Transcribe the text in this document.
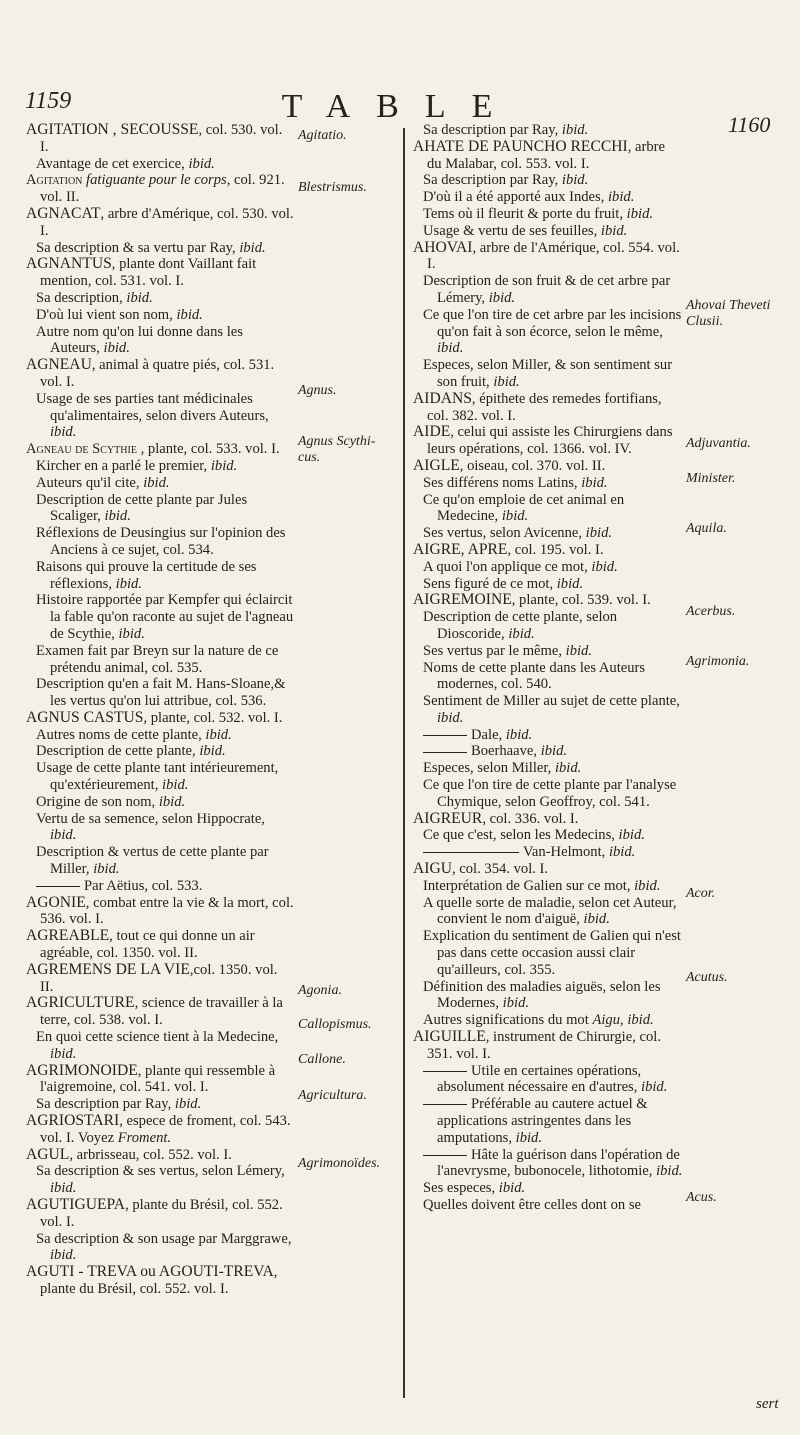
1159	TABLE	1160
AGITATION , SECOUSSE, col. 530. vol. I.
Avantage de cet exercice, ibid.
Agitation fatiguante pour le corps, col. 921. vol. II.
AGNACAT, arbre d'Amérique, col. 530. vol. I.
Sa description & sa vertu par Ray, ibid.
AGNANTUS, plante dont Vaillant fait mention, col. 531. vol. I.
Sa description, ibid.
D'où lui vient son nom, ibid.
Autre nom qu'on lui donne dans les Auteurs, ibid.
AGNEAU, animal à quatre piés, col. 531. vol. I.
Usage de ses parties tant médicinales qu'alimentaires, selon divers Auteurs, ibid.
Agneau de Scythie , plante, col. 533. vol. I.
Kircher en a parlé le premier, ibid.
Auteurs qu'il cite, ibid.
Description de cette plante par Jules Scaliger, ibid.
Réflexions de Deusingius sur l'opinion des Anciens à ce sujet, col. 534.
Raisons qui prouve la certitude de ses réflexions, ibid.
Histoire rapportée par Kempfer qui éclaircit la fable qu'on raconte au sujet de l'agneau de Scythie, ibid.
Examen fait par Breyn sur la nature de ce prétendu animal, col. 535.
Description qu'en a fait M. Hans-Sloane,& les vertus qu'on lui attribue, col. 536.
AGNUS CASTUS, plante, col. 532. vol. I.
Autres noms de cette plante, ibid.
Description de cette plante, ibid.
Usage de cette plante tant intérieurement, qu'extérieurement, ibid.
Origine de son nom, ibid.
Vertu de sa semence, selon Hippocrate, ibid.
Description & vertus de cette plante par Miller, ibid.
Par Aëtius, col. 533.
AGONIE, combat entre la vie & la mort, col. 536. vol. I.
AGREABLE, tout ce qui donne un air agréable, col. 1350. vol. II.
AGREMENS DE LA VIE,col. 1350. vol. II.
AGRICULTURE, science de travailler à la terre, col. 538. vol. I.
En quoi cette science tient à la Medecine, ibid.
AGRIMONOIDE, plante qui ressemble à l'aigremoine, col. 541. vol. I.
Sa description par Ray, ibid.
AGRIOSTARI, espece de froment, col. 543. vol. I. Voyez Froment.
AGUL, arbrisseau, col. 552. vol. I.
Sa description & ses vertus, selon Lémery, ibid.
AGUTIGUEPA, plante du Brésil, col. 552. vol. I.
Sa description & son usage par Marggrawe, ibid.
AGUTI - TREVA ou AGOUTI-TREVA, plante du Brésil, col. 552. vol. I.
Sa description par Ray, ibid.
AHATE DE PAUNCHO RECCHI, arbre du Malabar, col. 553. vol. I.
Sa description par Ray, ibid.
D'où il a été apporté aux Indes, ibid.
Tems où il fleurit & porte du fruit, ibid.
Usage & vertu de ses feuilles, ibid.
AHOVAI, arbre de l'Amérique, col. 554. vol. I.
Description de son fruit & de cet arbre par Lémery, ibid.
Ce que l'on tire de cet arbre par les incisions qu'on fait à son écorce, selon le même, ibid.
Especes, selon Miller, & son sentiment sur son fruit, ibid.
AIDANS, épithete des remedes fortifians, col. 382. vol. I.
AIDE, celui qui assiste les Chirurgiens dans leurs opérations, col. 1366. vol. IV.
AIGLE, oiseau, col. 370. vol. II.
Ses différens noms Latins, ibid.
Ce qu'on emploie de cet animal en Medecine, ibid.
Ses vertus, selon Avicenne, ibid.
AIGRE, APRE, col. 195. vol. I.
A quoi l'on applique ce mot, ibid.
Sens figuré de ce mot, ibid.
AIGREMOINE, plante, col. 539. vol. I.
Description de cette plante, selon Dioscoride, ibid.
Ses vertus par le même, ibid.
Noms de cette plante dans les Auteurs modernes, col. 540.
Sentiment de Miller au sujet de cette plante, ibid.
Dale, ibid.
Boerhaave, ibid.
Especes, selon Miller, ibid.
Ce que l'on tire de cette plante par l'analyse Chymique, selon Geoffroy, col. 541.
AIGREUR, col. 336. vol. I.
Ce que c'est, selon les Medecins, ibid.
Van-Helmont, ibid.
AIGU, col. 354. vol. I.
Interprétation de Galien sur ce mot, ibid.
A quelle sorte de maladie, selon cet Auteur, convient le nom d'aiguë, ibid.
Explication du sentiment de Galien qui n'est pas dans cette occasion aussi clair qu'ailleurs, col. 355.
Définition des maladies aiguës, selon les Modernes, ibid.
Autres significations du mot Aigu, ibid.
AIGUILLE, instrument de Chirurgie, col. 351. vol. I.
Utile en certaines opérations, absolument nécessaire en d'autres, ibid.
Préférable au cautere actuel & applications astringentes dans les amputations, ibid.
Hâte la guérison dans l'opération de l'anevrysme, bubonocele, lithotomie, ibid.
Ses especes, ibid.
Quelles doivent être celles dont on se
Agitatio.
Blestrismus.
Agnus.
Agnus Scythi-
cus.
Agonia.
Callopismus.
Callone.
Agricultura.
Agrimonoïdes.
Ahovai Theveti
Clusii.
Adjuvantia.
Minister.
Aquila.
Acerbus.
Agrimonia.
Acor.
Acutus.
Acus.
sert
